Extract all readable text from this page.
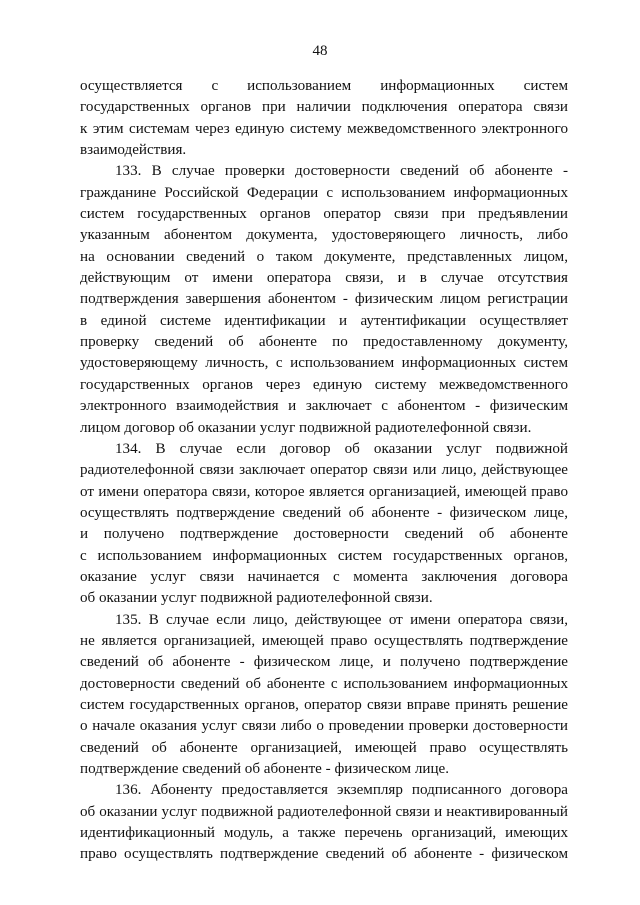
48
осуществляется с использованием информационных систем
государственных органов при наличии подключения оператора связи
к этим системам через единую систему межведомственного электронного
взаимодействия.
133. В случае проверки достоверности сведений об абоненте -
гражданине Российской Федерации с использованием информационных
систем государственных органов оператор связи при предъявлении
указанным абонентом документа, удостоверяющего личность, либо
на основании сведений о таком документе, представленных лицом,
действующим от имени оператора связи, и в случае отсутствия
подтверждения завершения абонентом - физическим лицом регистрации
в единой системе идентификации и аутентификации осуществляет
проверку сведений об абоненте по предоставленному документу,
удостоверяющему личность, с использованием информационных систем
государственных органов через единую систему межведомственного
электронного взаимодействия и заключает с абонентом - физическим
лицом договор об оказании услуг подвижной радиотелефонной связи.
134. В случае если договор об оказании услуг подвижной
радиотелефонной связи заключает оператор связи или лицо, действующее
от имени оператора связи, которое является организацией, имеющей право
осуществлять подтверждение сведений об абоненте - физическом лице,
и получено подтверждение достоверности сведений об абоненте
с использованием информационных систем государственных органов,
оказание услуг связи начинается с момента заключения договора
об оказании услуг подвижной радиотелефонной связи.
135. В случае если лицо, действующее от имени оператора связи,
не является организацией, имеющей право осуществлять подтверждение
сведений об абоненте - физическом лице, и получено подтверждение
достоверности сведений об абоненте с использованием информационных
систем государственных органов, оператор связи вправе принять решение
о начале оказания услуг связи либо о проведении проверки достоверности
сведений об абоненте организацией, имеющей право осуществлять
подтверждение сведений об абоненте - физическом лице.
136. Абоненту предоставляется экземпляр подписанного договора
об оказании услуг подвижной радиотелефонной связи и неактивированный
идентификационный модуль, а также перечень организаций, имеющих
право осуществлять подтверждение сведений об абоненте - физическом
